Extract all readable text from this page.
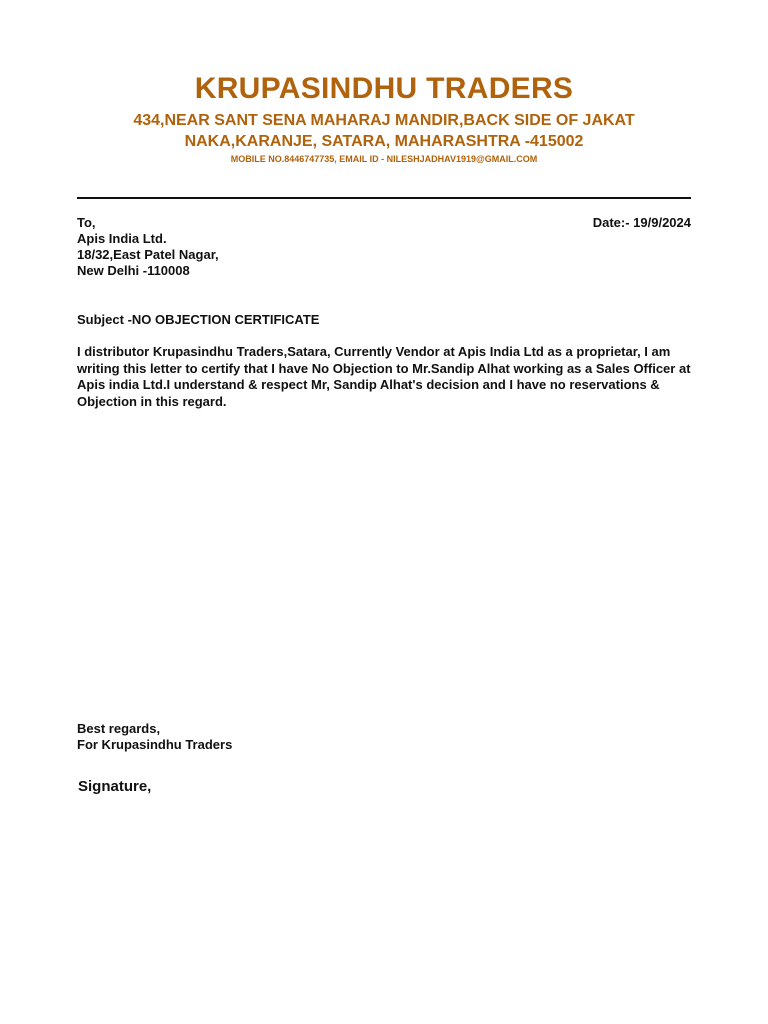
KRUPASINDHU TRADERS
434,NEAR SANT SENA MAHARAJ MANDIR,BACK SIDE OF JAKAT
NAKA,KARANJE, SATARA, MAHARASHTRA -415002
MOBILE NO.8446747735, EMAIL ID - NILESHJADHAV1919@GMAIL.COM
To,
Apis India Ltd.
18/32,East Patel Nagar,
New Delhi -110008
Date:- 19/9/2024
Subject -NO OBJECTION CERTIFICATE
I distributor Krupasindhu Traders,Satara, Currently Vendor at Apis India Ltd as a proprietar, I am writing this letter to certify that I have No Objection to Mr.Sandip Alhat working as a Sales Officer at Apis india Ltd.I understand & respect Mr, Sandip Alhat's decision and I have no reservations & Objection in this regard.
Best regards,
For Krupasindhu Traders
Signature,
